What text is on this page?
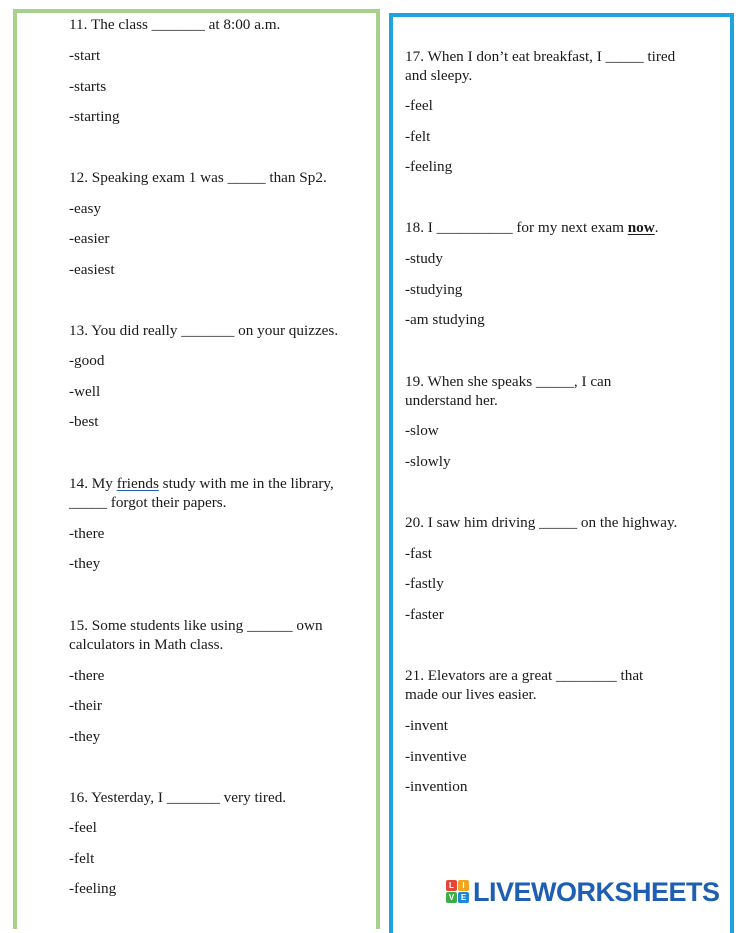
11. The class _______ at 8:00 a.m.

-start

-starts

-starting

12. Speaking exam 1 was _____ than Sp2.

-easy

-easier

-easiest

13. You did really _______ on your quizzes.

-good

-well

-best

14. My friends study with me in the library,
_____ forgot their papers.

-there

-they

15. Some students like using ______ own
calculators in Math class.

-there

-their

-they

16. Yesterday, I _______ very tired.

-feel

-felt

-feeling

17. When I don’t eat breakfast, I _____ tired
and sleepy.

-feel

-felt

-feeling

18. I __________ for my next exam now.

-study

-studying

-am studying

19. When she speaks _____, I can
understand her.

-slow

-slowly

20. I saw him driving _____ on the highway.

-fast

-fastly

-faster

21. Elevators are a great ________ that
made our lives easier.

-invent

-inventive

-invention

L	I
V E LIVEWORKSHEETS
